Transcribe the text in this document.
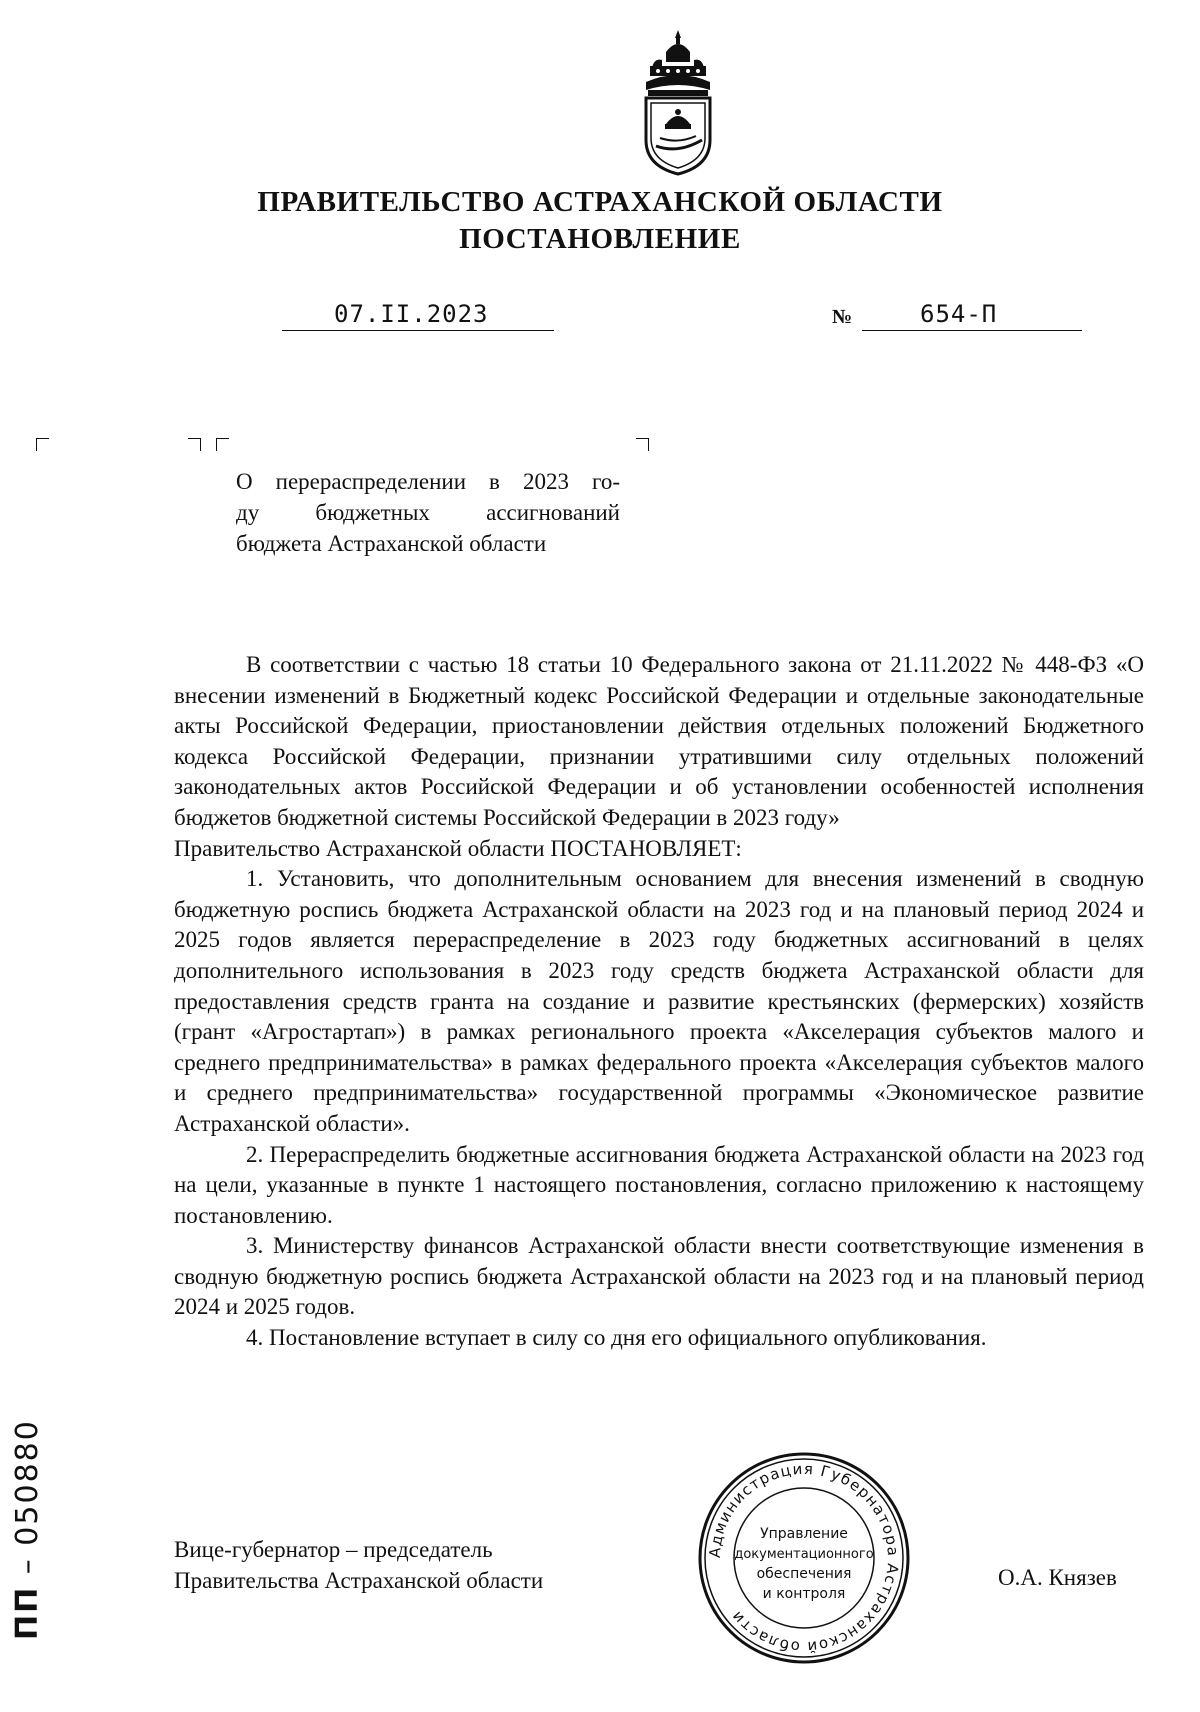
ПРАВИТЕЛЬСТВО АСТРАХАНСКОЙ ОБЛАСТИ
ПОСТАНОВЛЕНИЕ
07.II.2023	№	654-П
О перераспределении в 2023 го-
ду бюджетных ассигнований
бюджета Астраханской области

В соответствии с частью 18 статьи 10 Федерального закона от 21.11.2022 № 448-ФЗ «О внесении изменений в Бюджетный кодекс Российской Федерации и отдельные законодательные акты Российской Федерации, приостановлении действия отдельных положений Бюджетного кодекса Российской Федерации, признании утратившими силу отдельных положений законодательных актов Российской Федерации и об установлении особенностей исполнения бюджетов бюджетной системы Российской Федерации в 2023 году»

Правительство Астраханской области ПОСТАНОВЛЯЕТ:

1. Установить, что дополнительным основанием для внесения изменений в сводную бюджетную роспись бюджета Астраханской области на 2023 год и на плановый период 2024 и 2025 годов является перераспределение в 2023 году бюджетных ассигнований в целях дополнительного использования в 2023 году средств бюджета Астраханской области для предоставления средств гранта на создание и развитие крестьянских (фермерских) хозяйств (грант «Агростартап») в рамках регионального проекта «Акселерация субъектов малого и среднего предпринимательства» в рамках федерального проекта «Акселерация субъектов малого и среднего предпринимательства» государственной программы «Экономическое развитие Астраханской области».

2. Перераспределить бюджетные ассигнования бюджета Астраханской области на 2023 год на цели, указанные в пункте 1 настоящего постановления, согласно приложению к настоящему постановлению.

3. Министерству финансов Астраханской области внести соответствующие изменения в сводную бюджетную роспись бюджета Астраханской области на 2023 год и на плановый период 2024 и 2025 годов.

4. Постановление вступает в силу со дня его официального опубликования.

Вице-губернатор – председатель
Правительства Астраханской области
Администрация Губернатора Астраханской области
Управление
документационного
обеспечения
и контроля
О.А. Князев
ПП – 050880
